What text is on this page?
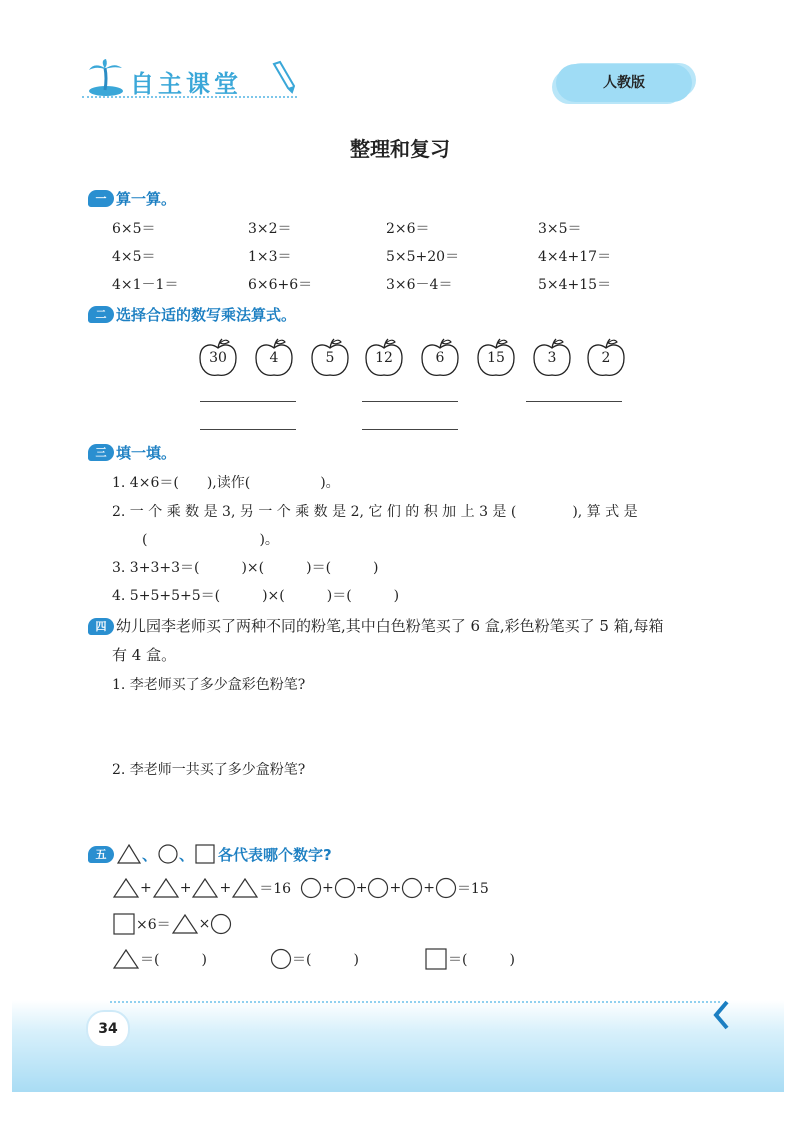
自主课堂	人教版
整理和复习
一 算一算。
6×5＝	3×2＝	2×6＝	3×5＝
4×5＝	1×3＝	5×5+20＝	4×4+17＝
4×1－1＝	6×6+6＝	3×6－4＝	5×4+15＝
二 选择合适的数写乘法算式。
30	4	5	12	6	15	3	2
三 填一填。
1. 4×6＝(　　),读作(　　　　　)。
2. 一 个 乘 数 是 3, 另 一 个 乘 数 是 2, 它 们 的 积 加 上 3 是 (　　　　), 算 式 是
(　　　　　　　　)。
3. 3+3+3＝(　　　)×(　　　)＝(　　　)
4. 5+5+5+5＝(　　　)×(　　　)＝(　　　)
四 幼儿园李老师买了两种不同的粉笔,其中白色粉笔买了 6 盒,彩色粉笔买了 5 箱,每箱
有 4 盒。
1. 李老师买了多少盒彩色粉笔?
2. 李老师一共买了多少盒粉笔?
五	、 、 各代表哪个数字?
+ + + ＝16 + + + + ＝15
×6＝ ×
＝(　　　)	＝(　　　)	＝(　　　)
34
